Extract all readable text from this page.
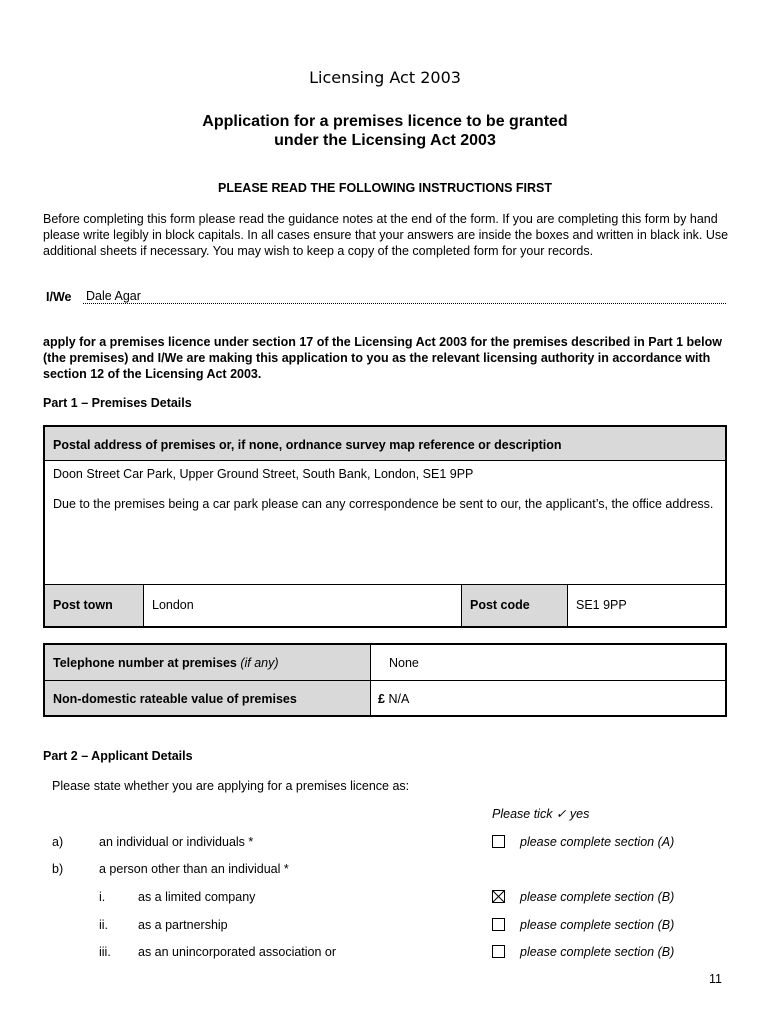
Licensing Act 2003
Application for a premises licence to be granted
under the Licensing Act 2003
PLEASE READ THE FOLLOWING INSTRUCTIONS FIRST
Before completing this form please read the guidance notes at the end of the form. If you are completing this form by hand please write legibly in block capitals. In all cases ensure that your answers are inside the boxes and written in black ink. Use additional sheets if necessary. You may wish to keep a copy of the completed form for your records.
I/We Dale Agar
apply for a premises licence under section 17 of the Licensing Act 2003 for the premises described in Part 1 below (the premises) and I/We are making this application to you as the relevant licensing authority in accordance with section 12 of the Licensing Act 2003.
Part 1 – Premises Details
Postal address of premises or, if none, ordnance survey map reference or description
Doon Street Car Park, Upper Ground Street, South Bank, London, SE1 9PP
Due to the premises being a car park please can any correspondence be sent to our, the applicant’s, the office address.
Post town	London	Post code	SE1 9PP
Telephone number at premises (if any)	None
Non-domestic rateable value of premises	£ N/A
Part 2 – Applicant Details
Please state whether you are applying for a premises licence as:
Please tick ✓ yes
a)	an individual or individuals *	please complete section (A)
b)	a person other than an individual *
i.	as a limited company	please complete section (B)
ii. as a partnership	please complete section (B)
iii. as an unincorporated association or	please complete section (B)
11
